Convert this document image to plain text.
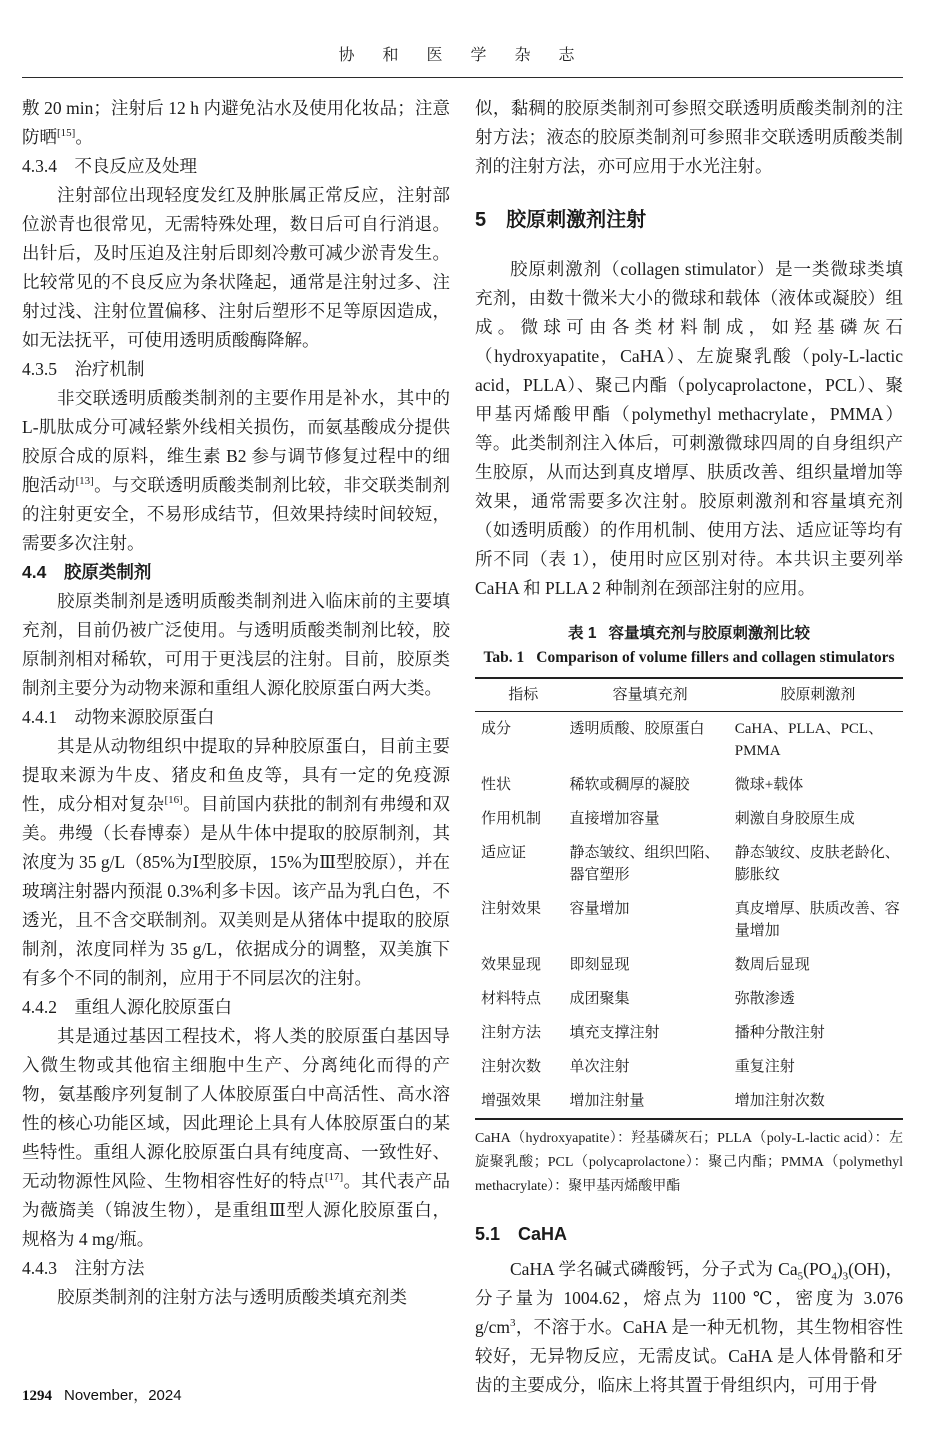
协 和 医 学 杂 志

敷 20 min；注射后 12 h 内避免沾水及使用化妆品；注意防晒[15]。

4.3.4　不良反应及处理

注射部位出现轻度发红及肿胀属正常反应，注射部位淤青也很常见，无需特殊处理，数日后可自行消退。出针后，及时压迫及注射后即刻冷敷可减少淤青发生。比较常见的不良反应为条状隆起，通常是注射过多、注射过浅、注射位置偏移、注射后塑形不足等原因造成，如无法抚平，可使用透明质酸酶降解。

4.3.5　治疗机制

非交联透明质酸类制剂的主要作用是补水，其中的 L-肌肽成分可减轻紫外线相关损伤，而氨基酸成分提供胶原合成的原料，维生素 B2 参与调节修复过程中的细胞活动[13]。与交联透明质酸类制剂比较，非交联类制剂的注射更安全，不易形成结节，但效果持续时间较短，需要多次注射。

4.4　胶原类制剂

胶原类制剂是透明质酸类制剂进入临床前的主要填充剂，目前仍被广泛使用。与透明质酸类制剂比较，胶原制剂相对稀软，可用于更浅层的注射。目前，胶原类制剂主要分为动物来源和重组人源化胶原蛋白两大类。

4.4.1　动物来源胶原蛋白

其是从动物组织中提取的异种胶原蛋白，目前主要提取来源为牛皮、猪皮和鱼皮等，具有一定的免疫源性，成分相对复杂[16]。目前国内获批的制剂有弗缦和双美。弗缦（长春博泰）是从牛体中提取的胶原制剂，其浓度为 35 g/L（85%为Ⅰ型胶原，15%为Ⅲ型胶原），并在玻璃注射器内预混 0.3%利多卡因。该产品为乳白色，不透光，且不含交联制剂。双美则是从猪体中提取的胶原制剂，浓度同样为 35 g/L，依据成分的调整，双美旗下有多个不同的制剂，应用于不同层次的注射。

4.4.2　重组人源化胶原蛋白

其是通过基因工程技术，将人类的胶原蛋白基因导入微生物或其他宿主细胞中生产、分离纯化而得的产物，氨基酸序列复制了人体胶原蛋白中高活性、高水溶性的核心功能区域，因此理论上具有人体胶原蛋白的某些特性。重组人源化胶原蛋白具有纯度高、一致性好、无动物源性风险、生物相容性好的特点[17]。其代表产品为薇旖美（锦波生物），是重组Ⅲ型人源化胶原蛋白，规格为 4 mg/瓶。

4.4.3　注射方法

胶原类制剂的注射方法与透明质酸类填充剂类

似，黏稠的胶原类制剂可参照交联透明质酸类制剂的注射方法；液态的胶原类制剂可参照非交联透明质酸类制剂的注射方法，亦可应用于水光注射。

5　胶原刺激剂注射

胶原刺激剂（collagen stimulator）是一类微球类填充剂，由数十微米大小的微球和载体（液体或凝胶）组成。微球可由各类材料制成，如羟基磷灰石（hydroxyapatite，CaHA）、左旋聚乳酸（poly-L-lactic acid，PLLA）、聚己内酯（polycaprolactone，PCL）、聚甲基丙烯酸甲酯（polymethyl methacrylate，PMMA）等。此类制剂注入体后，可刺激微球四周的自身组织产生胶原，从而达到真皮增厚、肤质改善、组织量增加等效果，通常需要多次注射。胶原刺激剂和容量填充剂（如透明质酸）的作用机制、使用方法、适应证等均有所不同（表 1），使用时应区别对待。本共识主要列举 CaHA 和 PLLA 2 种制剂在颈部注射的应用。

表 1 容量填充剂与胶原刺激剂比较
Tab. 1 Comparison of volume fillers and collagen stimulators
指标	容量填充剂	胶原刺激剂
成分	透明质酸、胶原蛋白	CaHA、PLLA、PCL、PMMA
性状	稀软或稠厚的凝胶	微球+载体
作用机制	直接增加容量	刺激自身胶原生成
适应证	静态皱纹、组织凹陷、器官塑形	静态皱纹、皮肤老龄化、膨胀纹
注射效果	容量增加	真皮增厚、肤质改善、容量增加
效果显现	即刻显现	数周后显现
材料特点	成团聚集	弥散渗透
注射方法	填充支撑注射	播种分散注射
注射次数	单次注射	重复注射
增强效果	增加注射量	增加注射次数
CaHA（hydroxyapatite）：羟基磷灰石；PLLA（poly-L-lactic acid）：左旋聚乳酸；PCL（polycaprolactone）：聚己内酯；PMMA（polymethyl methacrylate）：聚甲基丙烯酸甲酯
5.1　CaHA

CaHA 学名碱式磷酸钙，分子式为 $Ca_5(PO_4)_3(OH)$，分子量为 1004.62，熔点为 1100 ℃，密度为 3.076 $g/cm^3$，不溶于水。CaHA 是一种无机物，其生物相容性较好，无异物反应，无需皮试。CaHA 是人体骨骼和牙齿的主要成分，临床上将其置于骨组织内，可用于骨

1294 November，2024
